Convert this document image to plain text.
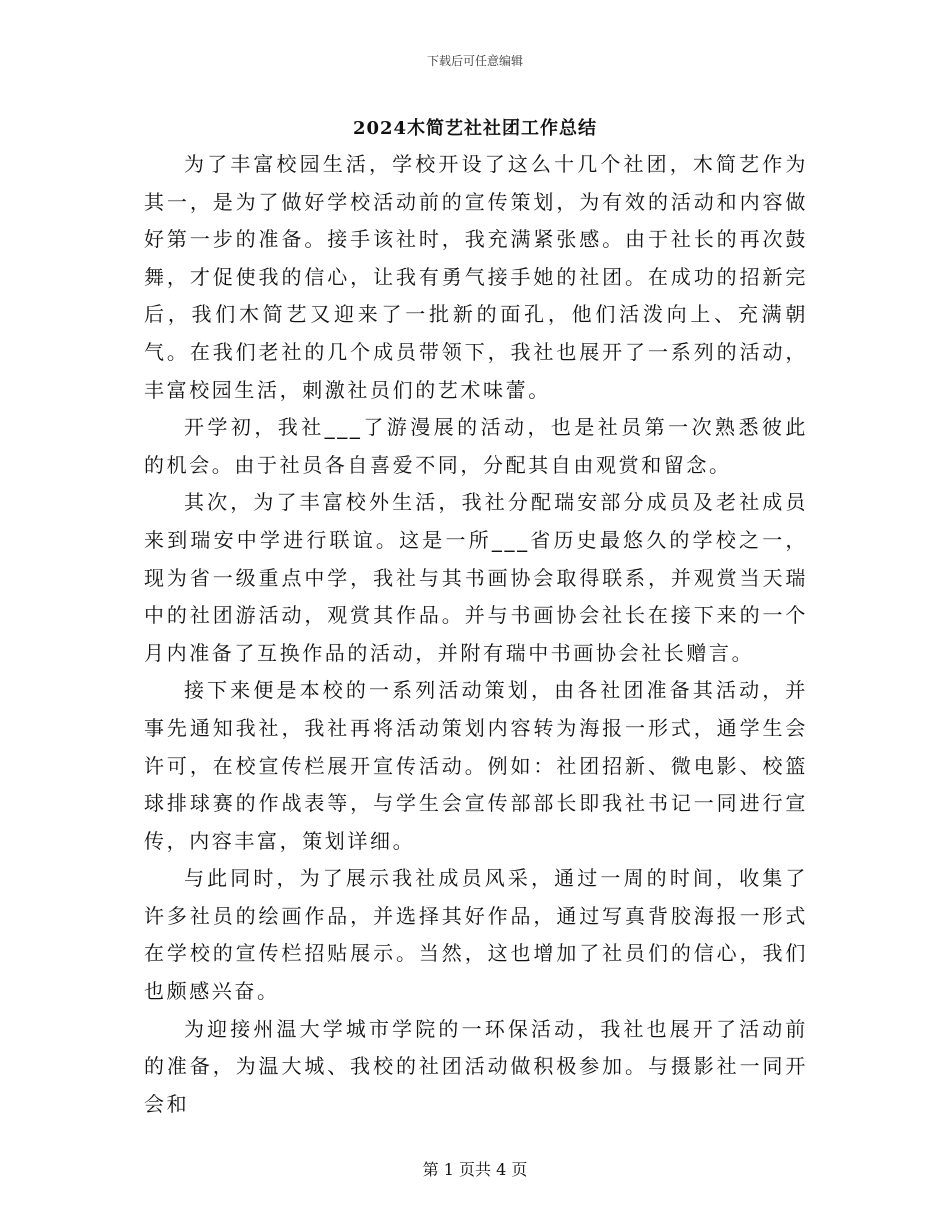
下载后可任意编辑
2024木简艺社社团工作总结

为了丰富校园生活，学校开设了这么十几个社团，木简艺作为其一，是为了做好学校活动前的宣传策划，为有效的活动和内容做好第一步的准备。接手该社时，我充满紧张感。由于社长的再次鼓舞，才促使我的信心，让我有勇气接手她的社团。在成功的招新完后，我们木简艺又迎来了一批新的面孔，他们活泼向上、充满朝气。在我们老社的几个成员带领下，我社也展开了一系列的活动，丰富校园生活，刺激社员们的艺术味蕾。

开学初，我社___了游漫展的活动，也是社员第一次熟悉彼此的机会。由于社员各自喜爱不同，分配其自由观赏和留念。

其次，为了丰富校外生活，我社分配瑞安部分成员及老社成员来到瑞安中学进行联谊。这是一所___省历史最悠久的学校之一，现为省一级重点中学，我社与其书画协会取得联系，并观赏当天瑞中的社团游活动，观赏其作品。并与书画协会社长在接下来的一个月内准备了互换作品的活动，并附有瑞中书画协会社长赠言。

接下来便是本校的一系列活动策划，由各社团准备其活动，并事先通知我社，我社再将活动策划内容转为海报一形式，通学生会许可，在校宣传栏展开宣传活动。例如：社团招新、微电影、校篮球排球赛的作战表等，与学生会宣传部部长即我社书记一同进行宣传，内容丰富，策划详细。

与此同时，为了展示我社成员风采，通过一周的时间，收集了许多社员的绘画作品，并选择其好作品，通过写真背胶海报一形式在学校的宣传栏招贴展示。当然，这也增加了社员们的信心，我们也颇感兴奋。

为迎接州温大学城市学院的一环保活动，我社也展开了活动前的准备，为温大城、我校的社团活动做积极参加。与摄影社一同开会和

第 1 页共 4 页
